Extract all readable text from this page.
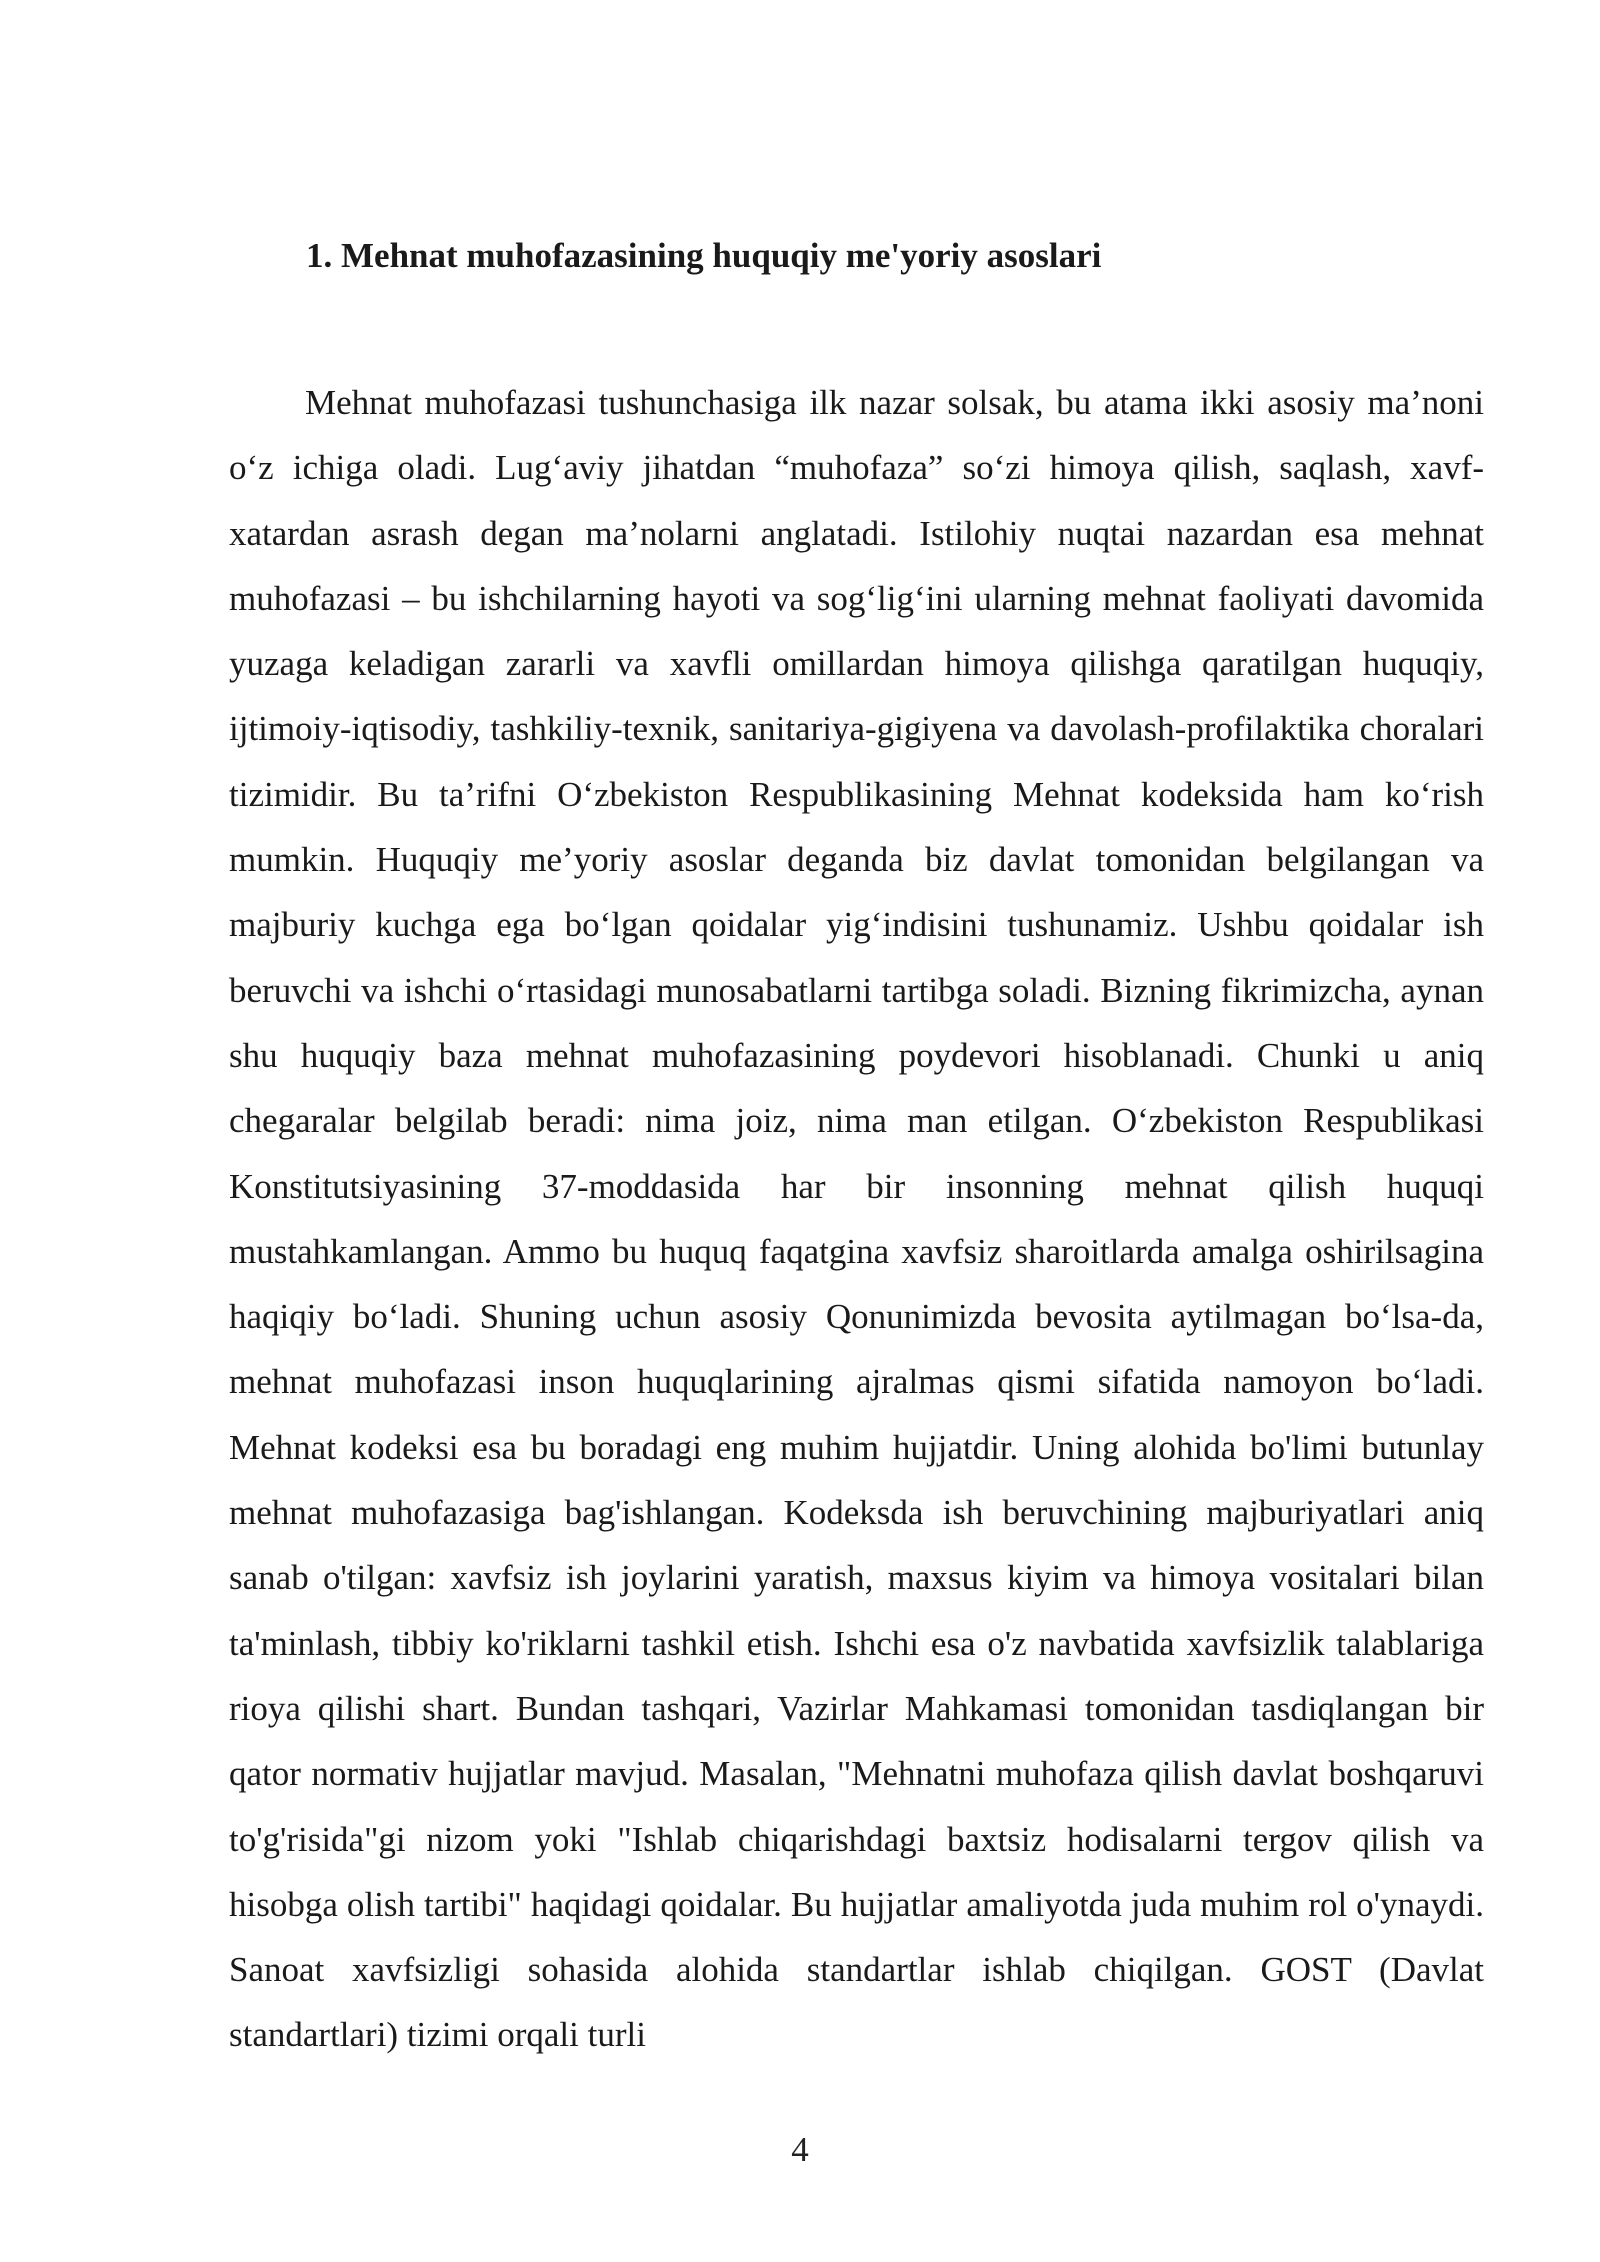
1. Mehnat muhofazasining huquqiy me'yoriy asoslari

Mehnat muhofazasi tushunchasiga ilk nazar solsak, bu atama ikki asosiy ma’noni o‘z ichiga oladi. Lug‘aviy jihatdan “muhofaza” so‘zi himoya qilish, saqlash, xavf-xatardan asrash degan ma’nolarni anglatadi. Istilohiy nuqtai nazardan esa mehnat muhofazasi – bu ishchilarning hayoti va sog‘lig‘ini ularning mehnat faoliyati davomida yuzaga keladigan zararli va xavfli omillardan himoya qilishga qaratilgan huquqiy, ijtimoiy-iqtisodiy, tashkiliy-texnik, sanitariya-gigiyena va davolash-profilaktika choralari tizimidir. Bu ta’rifni O‘zbekiston Respublikasining Mehnat kodeksida ham ko‘rish mumkin. Huquqiy me’yoriy asoslar deganda biz davlat tomonidan belgilangan va majburiy kuchga ega bo‘lgan qoidalar yig‘indisini tushunamiz. Ushbu qoidalar ish beruvchi va ishchi o‘rtasidagi munosabatlarni tartibga soladi. Bizning fikrimizcha, aynan shu huquqiy baza mehnat muhofazasining poydevori hisoblanadi. Chunki u aniq chegaralar belgilab beradi: nima joiz, nima man etilgan. O‘zbekiston Respublikasi Konstitutsiyasining 37-moddasida har bir insonning mehnat qilish huquqi mustahkamlangan. Ammo bu huquq faqatgina xavfsiz sharoitlarda amalga oshirilsagina haqiqiy bo‘ladi. Shuning uchun asosiy Qonunimizda bevosita aytilmagan bo‘lsa-da, mehnat muhofazasi inson huquqlarining ajralmas qismi sifatida namoyon bo‘ladi. Mehnat kodeksi esa bu boradagi eng muhim hujjatdir. Uning alohida bo'limi butunlay mehnat muhofazasiga bag'ishlangan. Kodeksda ish beruvchining majburiyatlari aniq sanab o'tilgan: xavfsiz ish joylarini yaratish, maxsus kiyim va himoya vositalari bilan ta'minlash, tibbiy ko'riklarni tashkil etish. Ishchi esa o'z navbatida xavfsizlik talablariga rioya qilishi shart. Bundan tashqari, Vazirlar Mahkamasi tomonidan tasdiqlangan bir qator normativ hujjatlar mavjud. Masalan, "Mehnatni muhofaza qilish davlat boshqaruvi to'g'risida"gi nizom yoki "Ishlab chiqarishdagi baxtsiz hodisalarni tergov qilish va hisobga olish tartibi" haqidagi qoidalar. Bu hujjatlar amaliyotda juda muhim rol o'ynaydi. Sanoat xavfsizligi sohasida alohida standartlar ishlab chiqilgan. GOST (Davlat standartlari) tizimi orqali turli

4
